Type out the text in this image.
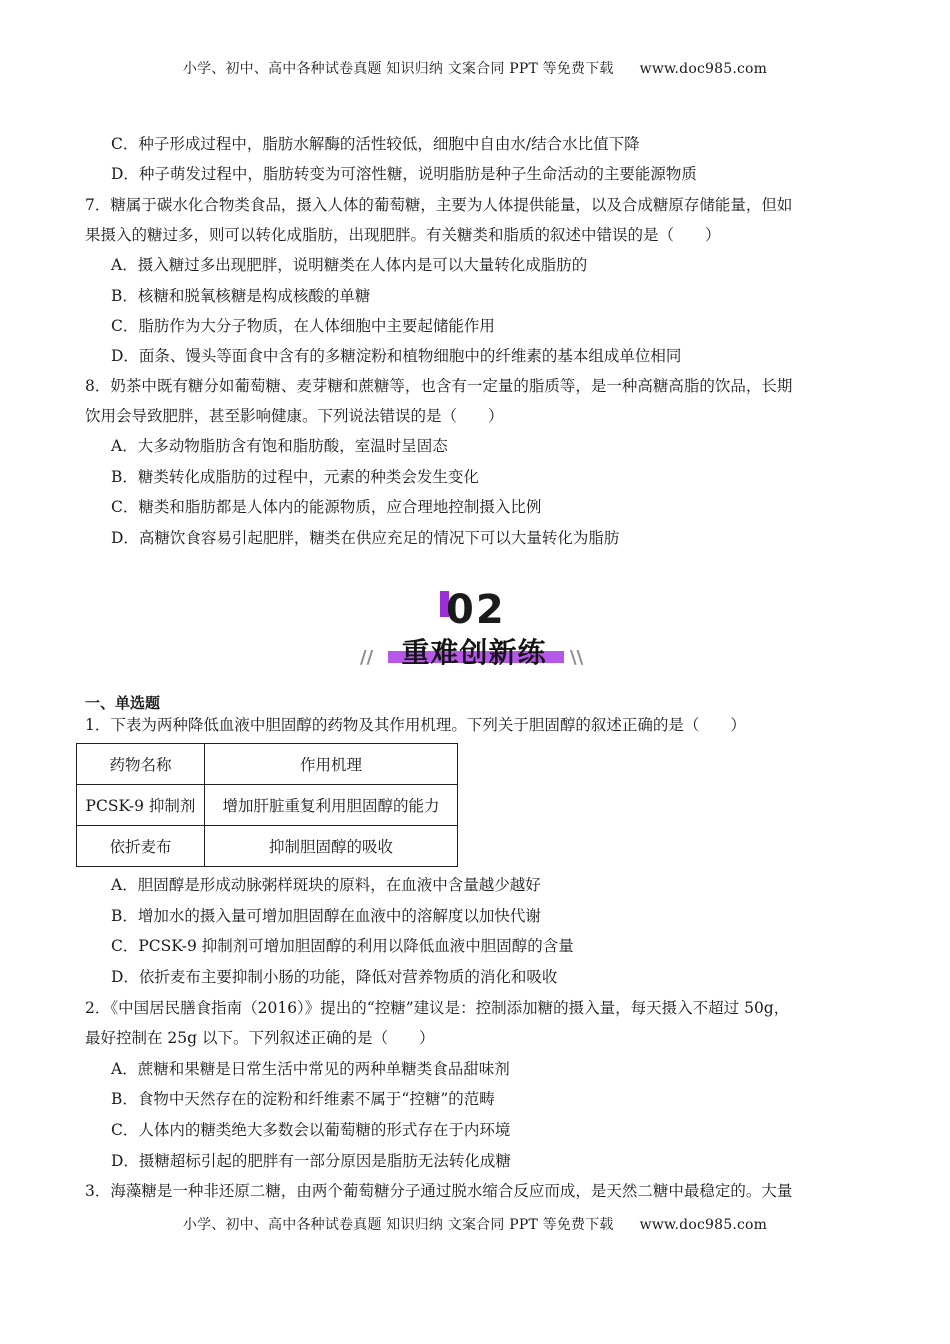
小学、初中、高中各种试卷真题 知识归纳 文案合同 PPT 等免费下载 www.doc985.com
C．种子形成过程中，脂肪水解酶的活性较低，细胞中自由水/结合水比值下降
D．种子萌发过程中，脂肪转变为可溶性糖，说明脂肪是种子生命活动的主要能源物质
7．糖属于碳水化合物类食品，摄入人体的葡萄糖，主要为人体提供能量，以及合成糖原存储能量，但如
果摄入的糖过多，则可以转化成脂肪，出现肥胖。有关糖类和脂质的叙述中错误的是（　　）
A．摄入糖过多出现肥胖，说明糖类在人体内是可以大量转化成脂肪的
B．核糖和脱氧核糖是构成核酸的单糖
C．脂肪作为大分子物质，在人体细胞中主要起储能作用
D．面条、馒头等面食中含有的多糖淀粉和植物细胞中的纤维素的基本组成单位相同
8．奶茶中既有糖分如葡萄糖、麦芽糖和蔗糖等，也含有一定量的脂质等，是一种高糖高脂的饮品，长期
饮用会导致肥胖，甚至影响健康。下列说法错误的是（　　）
A．大多动物脂肪含有饱和脂肪酸，室温时呈固态
B．糖类转化成脂肪的过程中，元素的种类会发生变化
C．糖类和脂肪都是人体内的能源物质，应合理地控制摄入比例
D．高糖饮食容易引起肥胖，糖类在供应充足的情况下可以大量转化为脂肪
02
//	重难创新练	\\
一、单选题
1．下表为两种降低血液中胆固醇的药物及其作用机理。下列关于胆固醇的叙述正确的是（　　）
药物名称	作用机理
PCSK-9 抑制剂	增加肝脏重复利用胆固醇的能力
依折麦布	抑制胆固醇的吸收
A．胆固醇是形成动脉粥样斑块的原料，在血液中含量越少越好
B．增加水的摄入量可增加胆固醇在血液中的溶解度以加快代谢
C．PCSK-9 抑制剂可增加胆固醇的利用以降低血液中胆固醇的含量
D．依折麦布主要抑制小肠的功能，降低对营养物质的消化和吸收
2．《中国居民膳食指南（2016）》提出的“控糖”建议是：控制添加糖的摄入量，每天摄入不超过 50g，
最好控制在 25g 以下。下列叙述正确的是（　　）
A．蔗糖和果糖是日常生活中常见的两种单糖类食品甜味剂
B．食物中天然存在的淀粉和纤维素不属于“控糖”的范畴
C．人体内的糖类绝大多数会以葡萄糖的形式存在于内环境
D．摄糖超标引起的肥胖有一部分原因是脂肪无法转化成糖
3．海藻糖是一种非还原二糖，由两个葡萄糖分子通过脱水缩合反应而成，是天然二糖中最稳定的。大量
小学、初中、高中各种试卷真题 知识归纳 文案合同 PPT 等免费下载 www.doc985.com
